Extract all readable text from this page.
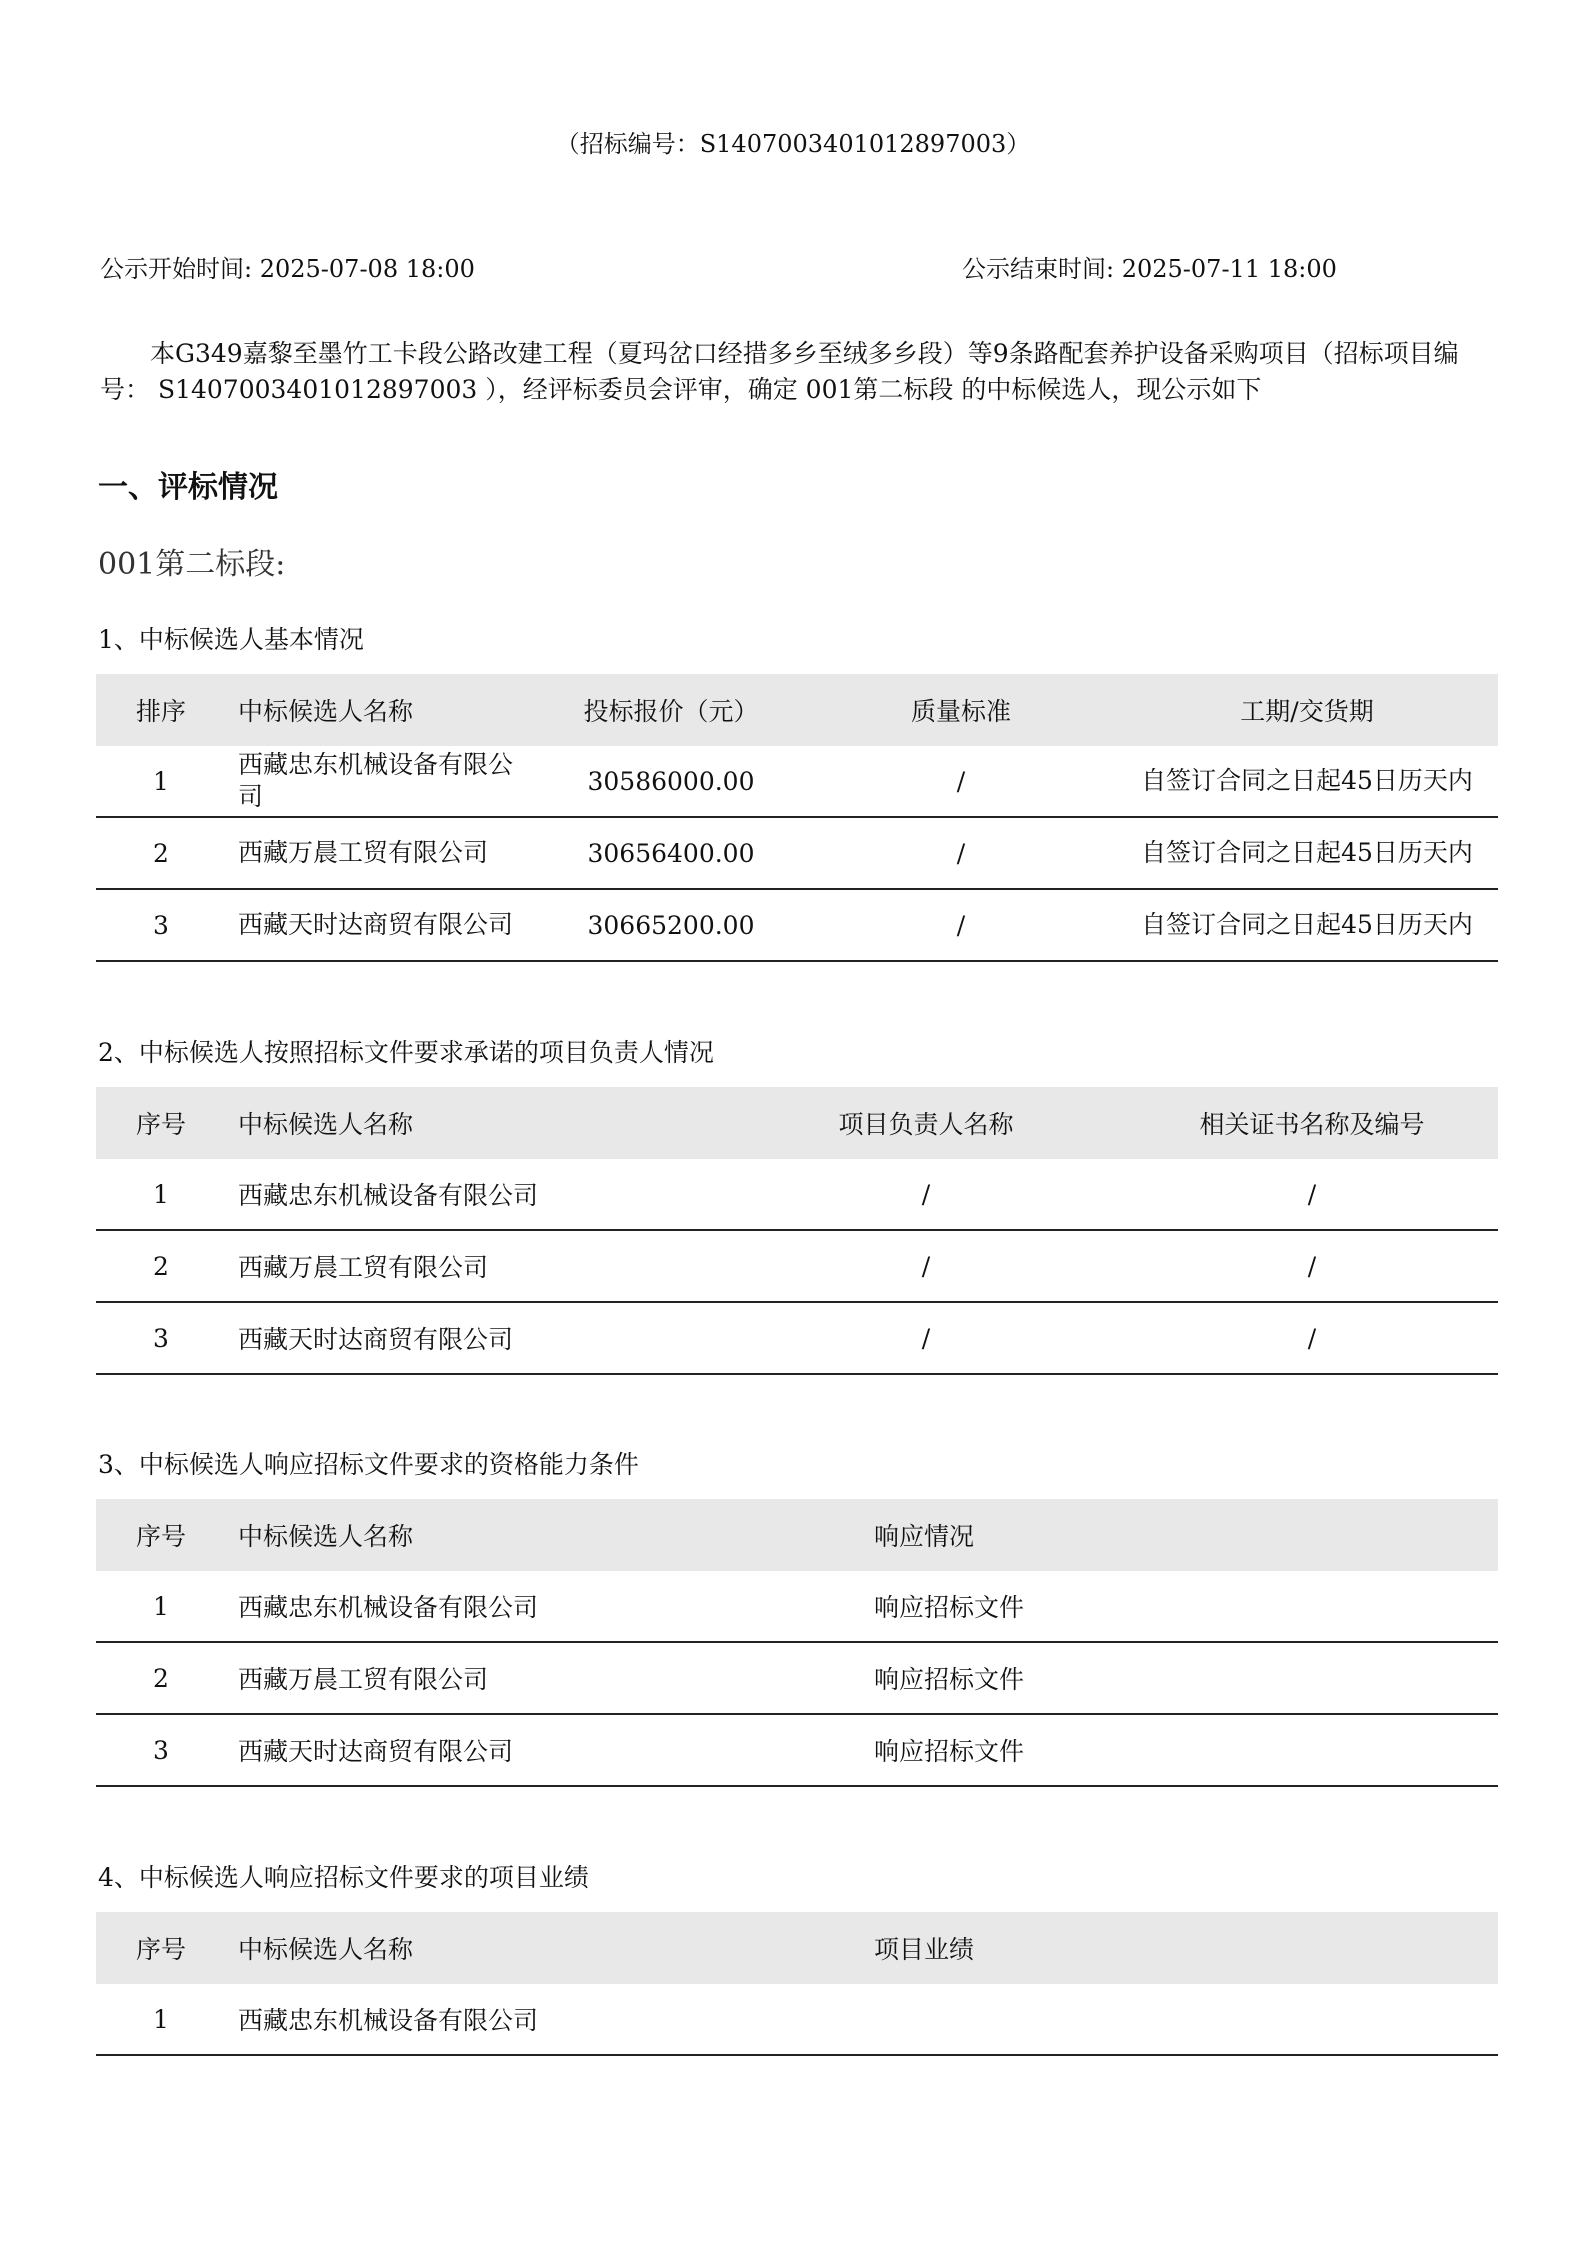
（招标编号：S1407003401012897003）
公示开始时间: 2025-07-08 18:00	公示结束时间: 2025-07-11 18:00
本G349嘉黎至墨竹工卡段公路改建工程（夏玛岔口经措多乡至绒多乡段）等9条路配套养护设备采购项目（招标项目编号： S1407003401012897003 ），经评标委员会评审，确定 001第二标段 的中标候选人，现公示如下
一、评标情况
001第二标段:
1、中标候选人基本情况
排序	中标候选人名称	投标报价（元）	质量标准	工期/交货期
1	西藏忠东机械设备有限公司	30586000.00	/	自签订合同之日起45日历天内
2	西藏万晨工贸有限公司	30656400.00	/	自签订合同之日起45日历天内
3	西藏天时达商贸有限公司	30665200.00	/	自签订合同之日起45日历天内
2、中标候选人按照招标文件要求承诺的项目负责人情况
序号	中标候选人名称	项目负责人名称	相关证书名称及编号
1	西藏忠东机械设备有限公司	/	/
2	西藏万晨工贸有限公司	/	/
3	西藏天时达商贸有限公司	/	/
3、中标候选人响应招标文件要求的资格能力条件
序号	中标候选人名称	响应情况
1	西藏忠东机械设备有限公司	响应招标文件
2	西藏万晨工贸有限公司	响应招标文件
3	西藏天时达商贸有限公司	响应招标文件
4、中标候选人响应招标文件要求的项目业绩
序号	中标候选人名称	项目业绩
1	西藏忠东机械设备有限公司	
